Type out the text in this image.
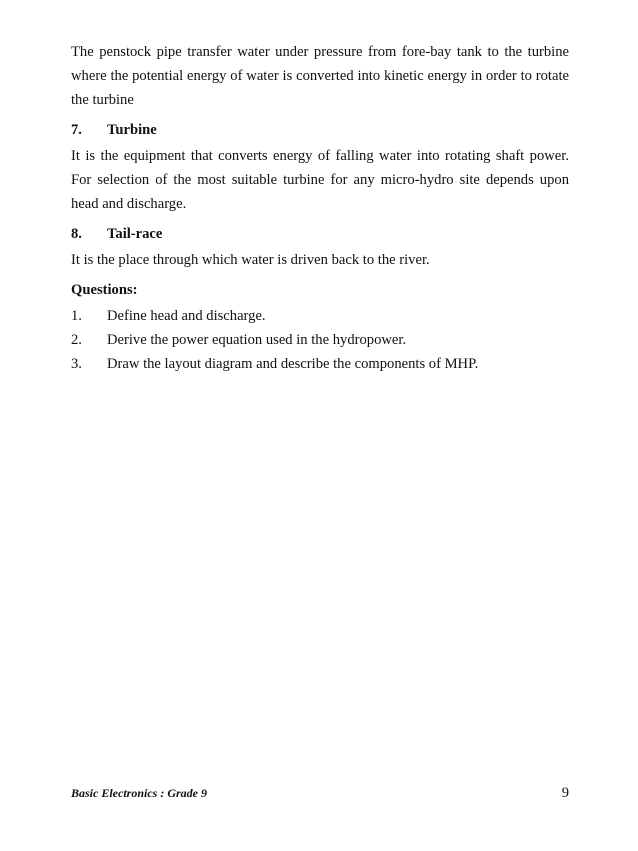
The penstock pipe transfer water under pressure from fore-bay tank to the turbine where the potential energy of water is converted into kinetic energy in order to rotate the turbine

7.	Turbine

It is the equipment that converts energy of falling water into rotating shaft power. For selection of the most suitable turbine for any micro-hydro site depends upon head and discharge.

8.	Tail-race

It is the place through which water is driven back to the river.

Questions:
1.	Define head and discharge.
2.	Derive the power equation used in the hydropower.
3.	Draw the layout diagram and describe the components of MHP.
Basic Electronics : Grade 9	9
